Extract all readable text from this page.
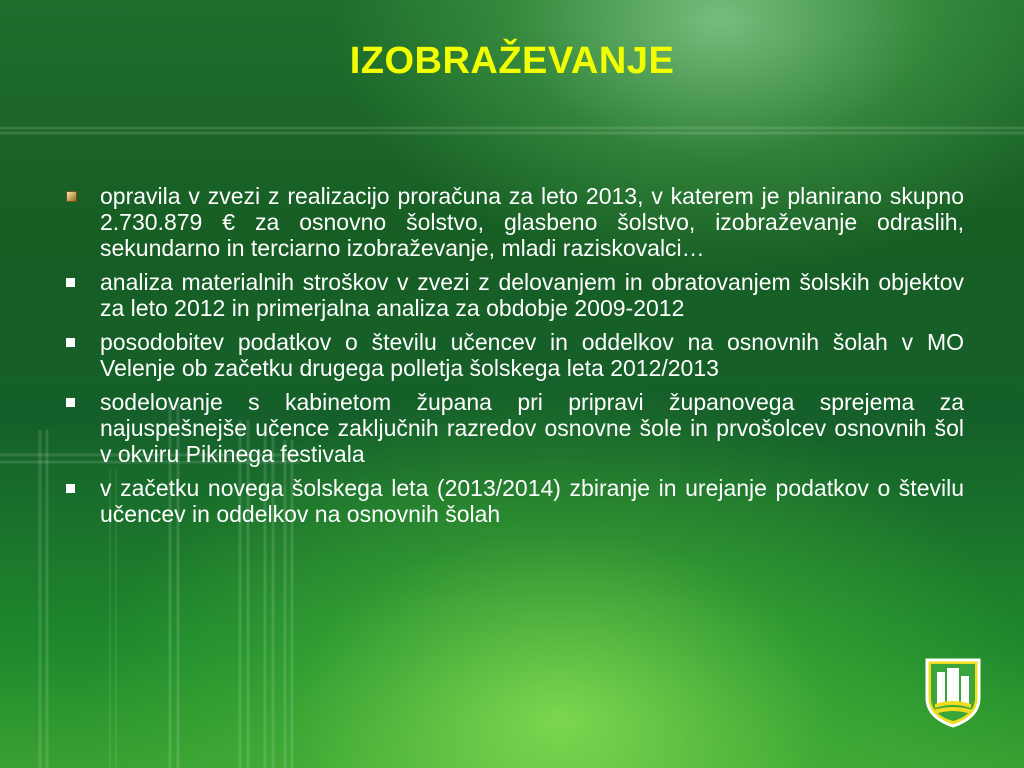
IZOBRAŽEVANJE
opravila v zvezi z realizacijo proračuna za leto 2013, v katerem je planirano skupno 2.730.879 € za osnovno šolstvo, glasbeno šolstvo, izobraževanje odraslih, sekundarno in terciarno izobraževanje, mladi raziskovalci…
analiza materialnih stroškov v zvezi z delovanjem in obratovanjem šolskih objektov za leto 2012 in primerjalna analiza za obdobje 2009-2012
posodobitev podatkov o številu učencev in oddelkov na osnovnih šolah v MO Velenje ob začetku drugega polletja šolskega leta 2012/2013
sodelovanje s kabinetom župana pri pripravi županovega sprejema za najuspešnejše učence zaključnih razredov osnovne šole in prvošolcev osnovnih šol v okviru Pikinega festivala
v začetku novega šolskega leta (2013/2014) zbiranje in urejanje podatkov o številu učencev in oddelkov na osnovnih šolah
